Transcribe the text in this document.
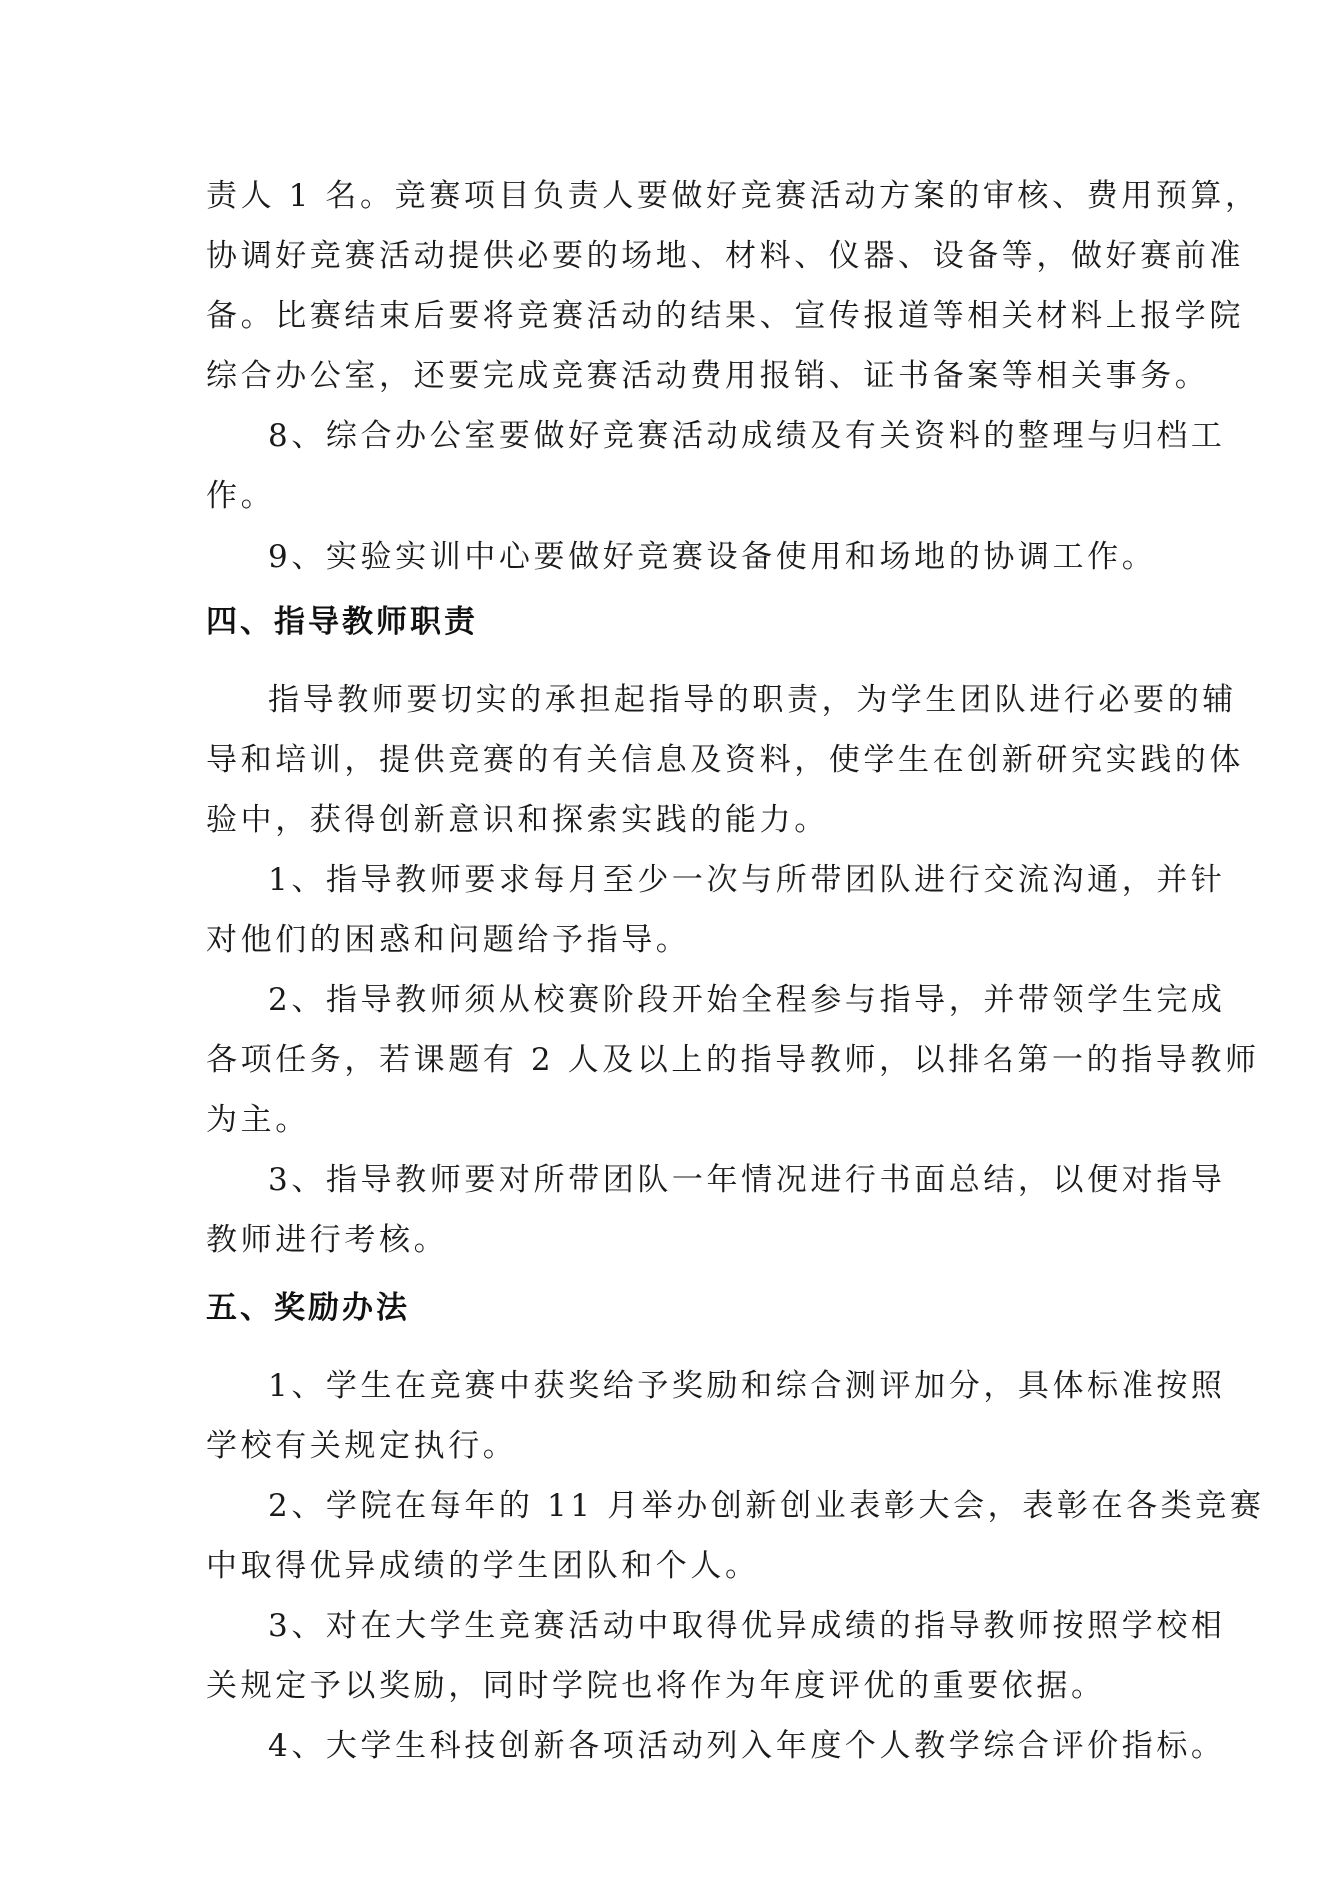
责人 1 名。竞赛项目负责人要做好竞赛活动方案的审核、费用预算，
协调好竞赛活动提供必要的场地、材料、仪器、设备等，做好赛前准
备。比赛结束后要将竞赛活动的结果、宣传报道等相关材料上报学院
综合办公室，还要完成竞赛活动费用报销、证书备案等相关事务。
8、综合办公室要做好竞赛活动成绩及有关资料的整理与归档工
作。
9、实验实训中心要做好竞赛设备使用和场地的协调工作。
四、指导教师职责
指导教师要切实的承担起指导的职责，为学生团队进行必要的辅
导和培训，提供竞赛的有关信息及资料，使学生在创新研究实践的体
验中，获得创新意识和探索实践的能力。
1、指导教师要求每月至少一次与所带团队进行交流沟通，并针
对他们的困惑和问题给予指导。
2、指导教师须从校赛阶段开始全程参与指导，并带领学生完成
各项任务，若课题有 2 人及以上的指导教师，以排名第一的指导教师
为主。
3、指导教师要对所带团队一年情况进行书面总结，以便对指导
教师进行考核。
五、奖励办法
1、学生在竞赛中获奖给予奖励和综合测评加分，具体标准按照
学校有关规定执行。
2、学院在每年的 11 月举办创新创业表彰大会，表彰在各类竞赛
中取得优异成绩的学生团队和个人。
3、对在大学生竞赛活动中取得优异成绩的指导教师按照学校相
关规定予以奖励，同时学院也将作为年度评优的重要依据。
4、大学生科技创新各项活动列入年度个人教学综合评价指标。
